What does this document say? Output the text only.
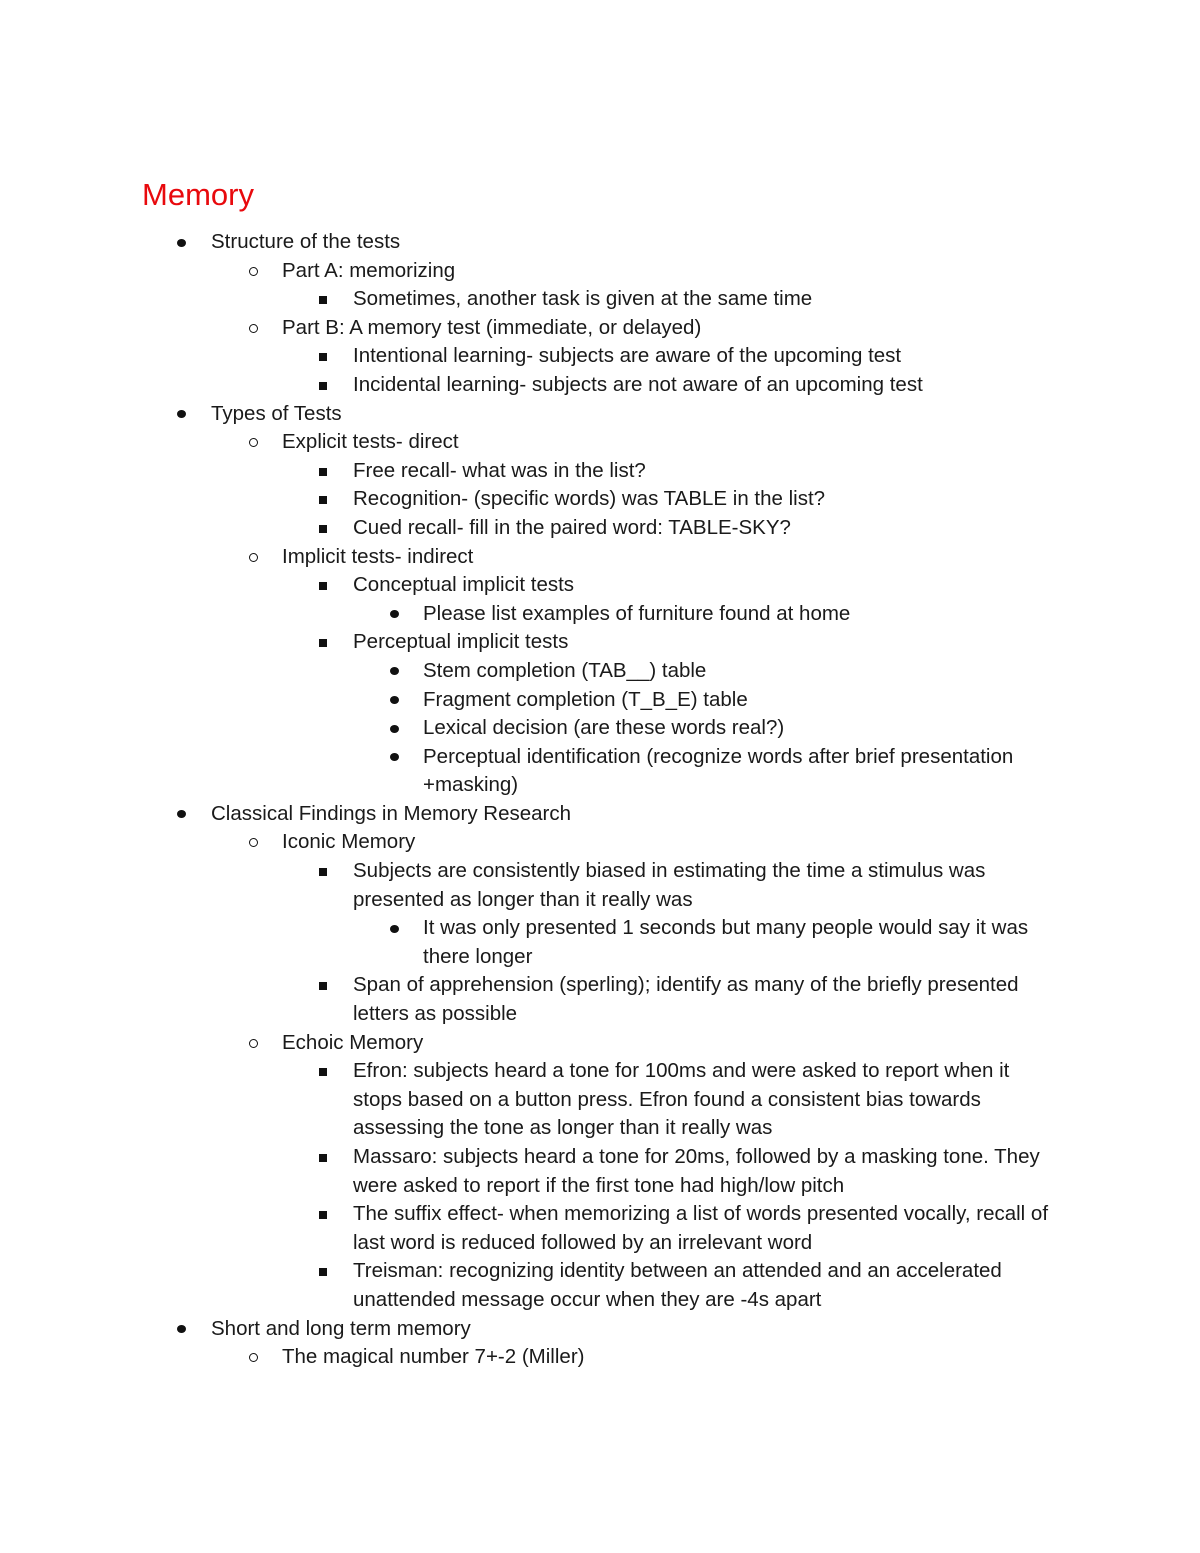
Memory
Structure of the tests
Part A: memorizing
Sometimes, another task is given at the same time
Part B: A memory test (immediate, or delayed)
Intentional learning- subjects are aware of the upcoming test
Incidental learning- subjects are not aware of an upcoming test
Types of Tests
Explicit tests- direct
Free recall- what was in the list?
Recognition- (specific words) was TABLE in the list?
Cued recall- fill in the paired word: TABLE-SKY?
Implicit tests- indirect
Conceptual implicit tests
Please list examples of furniture found at home
Perceptual implicit tests
Stem completion (TAB__) table
Fragment completion (T_B_E) table
Lexical decision (are these words real?)
Perceptual identification (recognize words after brief presentation +masking)
Classical Findings in Memory Research
Iconic Memory
Subjects are consistently biased in estimating the time a stimulus was presented as longer than it really was
It was only presented 1 seconds but many people would say it was there longer
Span of apprehension (sperling); identify as many of the briefly presented letters as possible
Echoic Memory
Efron: subjects heard a tone for 100ms and were asked to report when it stops based on a button press. Efron found a consistent bias towards assessing the tone as longer than it really was
Massaro: subjects heard a tone for 20ms, followed by a masking tone. They were asked to report if the first tone had high/low pitch
The suffix effect- when memorizing a list of words presented vocally, recall of last word is reduced followed by an irrelevant word
Treisman: recognizing identity between an attended and an accelerated unattended message occur when they are -4s apart
Short and long term memory
The magical number 7+-2 (Miller)
